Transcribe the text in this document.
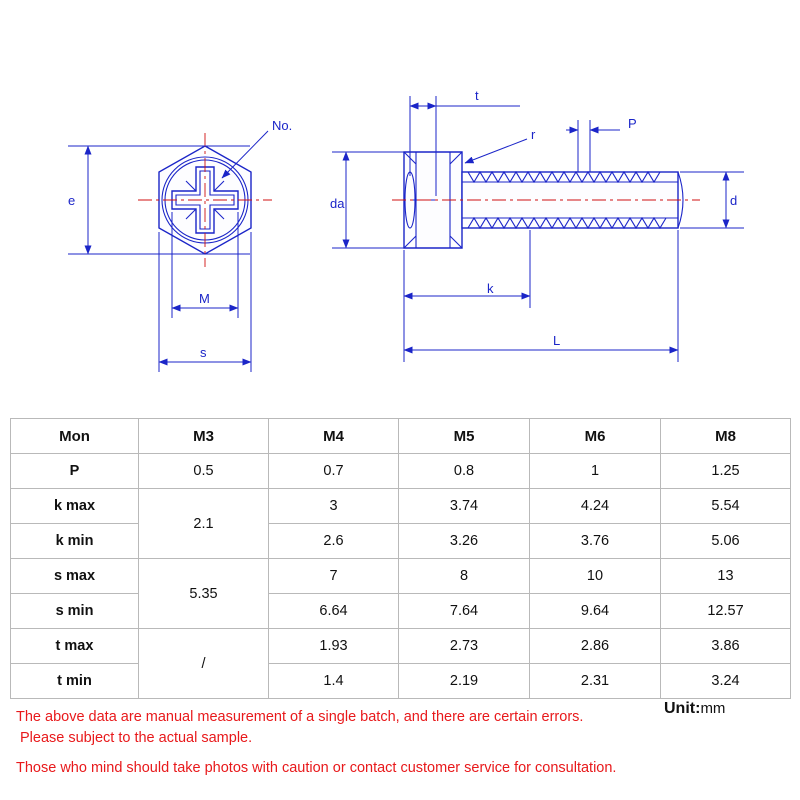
No.
e
M
s
t
r
P
da	d
k
L
Mon	M3	M4	M5	M6	M8
P	0.5	0.7	0.8	1	1.25
k max	2.1	3	3.74	4.24	5.54
k min		2.6	3.26	3.76	5.06
s max	5.35	7	8	10	13
s min		6.64	7.64	9.64	12.57
t max	/	1.93	2.73	2.86	3.86
t min		1.4	2.19	2.31	3.24
Unit:mm
The above data are manual measurement of a single batch, and there are certain errors.
Please subject to the actual sample.
Those who mind should take photos with caution or contact customer service for consultation.
